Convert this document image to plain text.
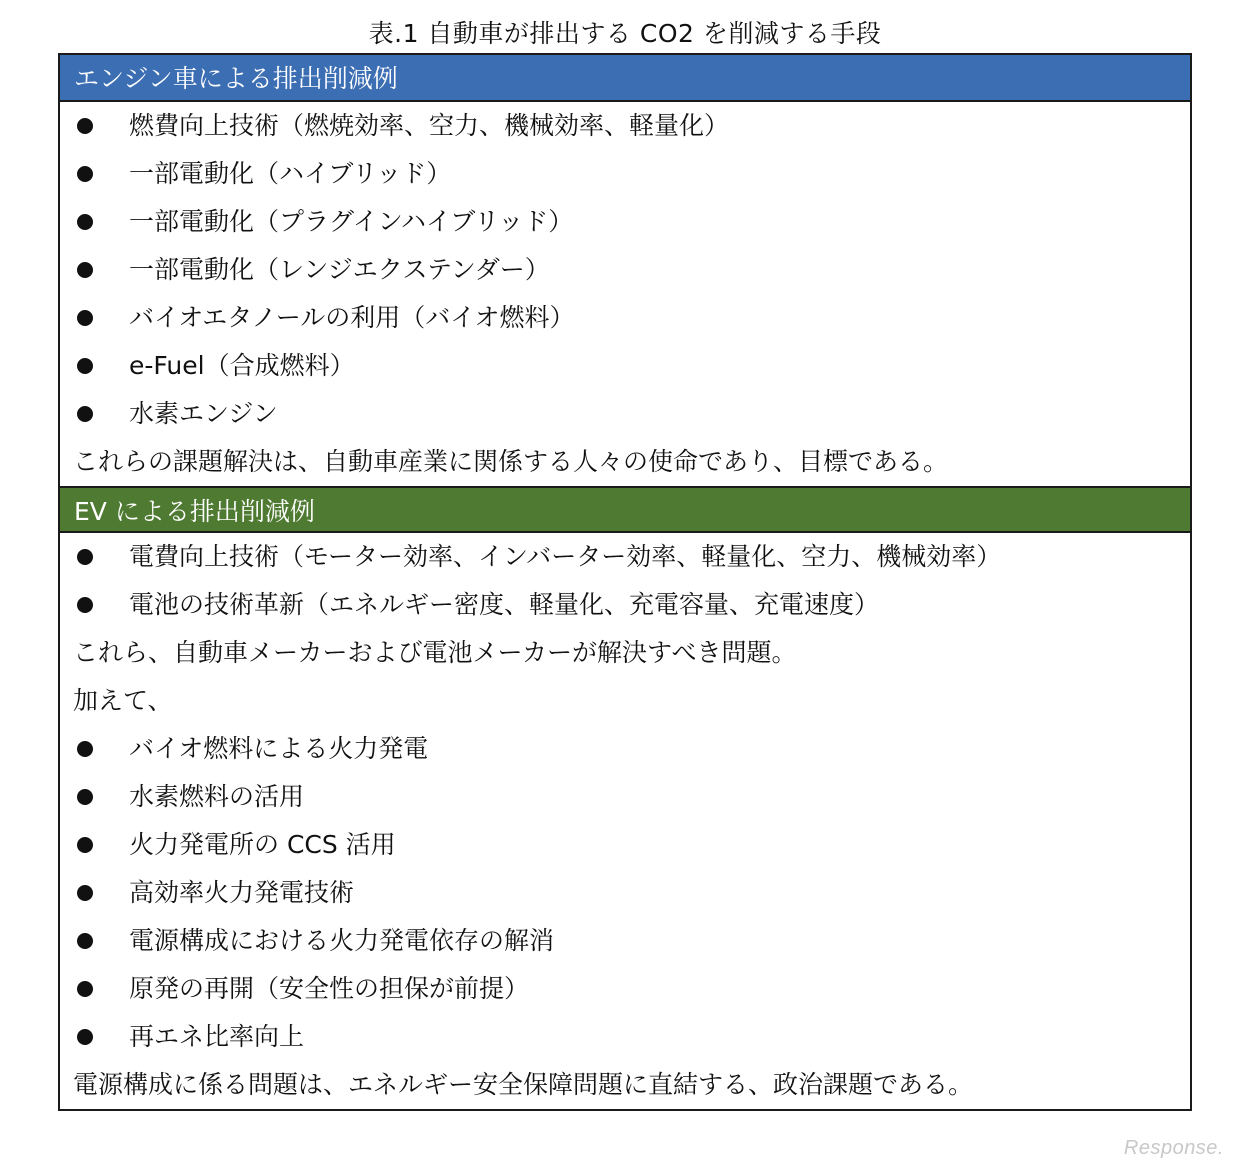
表.1 自動車が排出する CO2 を削減する手段
エンジン車による排出削減例
燃費向上技術（燃焼効率、空力、機械効率、軽量化）
一部電動化（ハイブリッド）
一部電動化（プラグインハイブリッド）
一部電動化（レンジエクステンダー）
バイオエタノールの利用（バイオ燃料）
e-Fuel（合成燃料）
水素エンジン
これらの課題解決は、自動車産業に関係する人々の使命であり、目標である。
EV による排出削減例
電費向上技術（モーター効率、インバーター効率、軽量化、空力、機械効率）
電池の技術革新（エネルギー密度、軽量化、充電容量、充電速度）
これら、自動車メーカーおよび電池メーカーが解決すべき問題。
加えて、
バイオ燃料による火力発電
水素燃料の活用
火力発電所の CCS 活用
高効率火力発電技術
電源構成における火力発電依存の解消
原発の再開（安全性の担保が前提）
再エネ比率向上
電源構成に係る問題は、エネルギー安全保障問題に直結する、政治課題である。
Response.
